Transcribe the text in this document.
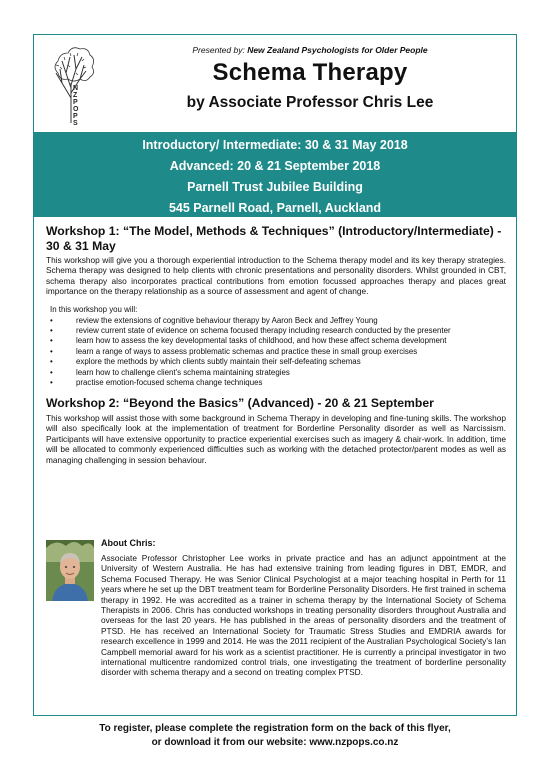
N
Z
P
O
P
S
Presented by: New Zealand Psychologists for Older People
Schema Therapy
by Associate Professor Chris Lee
Introductory/ Intermediate: 30 & 31 May 2018
Advanced: 20 & 21 September 2018
Parnell Trust Jubilee Building
545 Parnell Road, Parnell, Auckland

Workshop 1: “The Model, Methods & Techniques” (Introductory/Intermediate) - 30 & 31 May

This workshop will give you a thorough experiential introduction to the Schema therapy model and its key therapy strategies. Schema therapy was designed to help clients with chronic presentations and personality disorders. Whilst grounded in CBT, schema therapy also incorporates practical contributions from emotion focussed approaches therapy and places great importance on the therapy relationship as a source of assessment and agent of change.

In this workshop you will:
•	review the extensions of cognitive behaviour therapy by Aaron Beck and Jeffrey Young
•	review current state of evidence on schema focused therapy including research conducted by the presenter
•	learn how to assess the key developmental tasks of childhood, and how these affect schema development
•	learn a range of ways to assess problematic schemas and practice these in small group exercises
•	explore the methods by which clients subtly maintain their self-defeating schemas
•	learn how to challenge client's schema maintaining strategies
•	practise emotion-focused schema change techniques

Workshop 2: “Beyond the Basics” (Advanced) - 20 & 21 September

This workshop will assist those with some background in Schema Therapy in developing and fine-tuning skills. The workshop will also specifically look at the implementation of treatment for Borderline Personality disorder as well as Narcissism. Participants will have extensive opportunity to practice experiential exercises such as imagery & chair-work. In addition, time will be allocated to commonly experienced difficulties such as working with the detached protector/parent modes as well as managing challenging in session behaviour.

About Chris:

Associate Professor Christopher Lee works in private practice and has an adjunct appointment at the University of Western Australia. He has had extensive training from leading figures in DBT, EMDR, and Schema Focused Therapy. He was Senior Clinical Psychologist at a major teaching hospital in Perth for 11 years where he set up the DBT treatment team for Borderline Personality Disorders. He first trained in schema therapy in 1992. He was accredited as a trainer in schema therapy by the International Society of Schema Therapists in 2006. Chris has conducted workshops in treating personality disorders throughout Australia and overseas for the last 20 years. He has published in the areas of personality disorders and the treatment of PTSD. He has received an International Society for Traumatic Stress Studies and EMDRIA awards for research excellence in 1999 and 2014. He was the 2011 recipient of the Australian Psychological Society’s Ian Campbell memorial award for his work as a scientist practitioner. He is currently a principal investigator in two international multicentre randomized control trials, one investigating the treatment of borderline personality disorder with schema therapy and a second on treating complex PTSD.

To register, please complete the registration form on the back of this flyer,
or download it from our website: www.nzpops.co.nz
